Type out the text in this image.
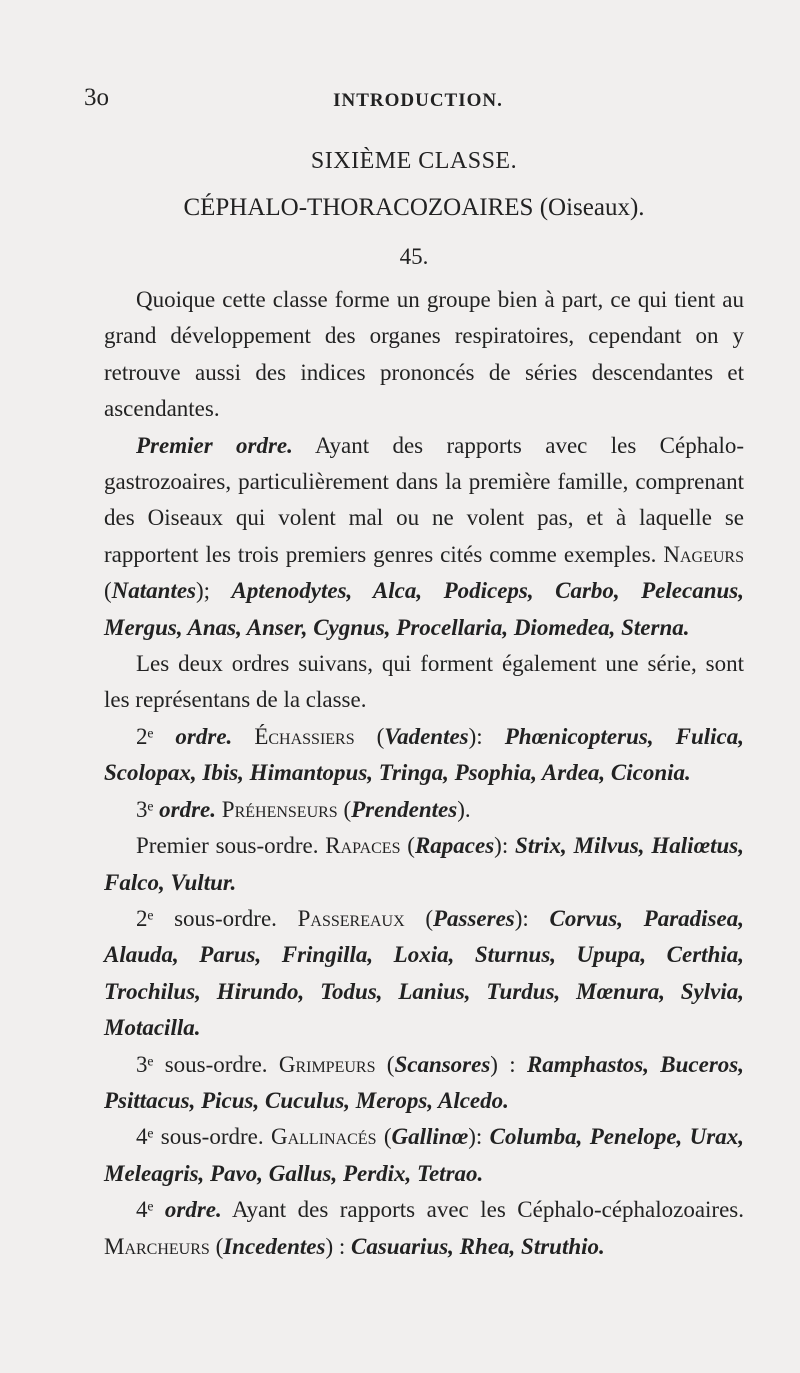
3o	INTRODUCTION.
SIXIÈME CLASSE.
CÉPHALO-THORACOZOAIRES (Oiseaux).
45.

Quoique cette classe forme un groupe bien à part, ce qui tient au grand développement des organes respiratoires, cependant on y retrouve aussi des indices prononcés de séries descendantes et ascendantes.

Premier ordre. Ayant des rapports avec les Céphalo-gastrozoaires, particulièrement dans la première famille, comprenant des Oiseaux qui volent mal ou ne volent pas, et à laquelle se rapportent les trois premiers genres cités comme exemples. Nageurs (Natantes); Aptenodytes, Alca, Podiceps, Carbo, Pelecanus, Mergus, Anas, Anser, Cygnus, Procellaria, Diomedea, Sterna.

Les deux ordres suivans, qui forment également une série, sont les représentans de la classe.

2ᵉ ordre. Échassiers (Vadentes): Phœnicopterus, Fulica, Scolopax, Ibis, Himantopus, Tringa, Psophia, Ardea, Ciconia.

3ᵉ ordre. Préhenseurs (Prendentes).

Premier sous-ordre. Rapaces (Rapaces): Strix, Milvus, Haliœtus, Falco, Vultur.

2ᵉ sous-ordre. Passereaux (Passeres): Corvus, Paradisea, Alauda, Parus, Fringilla, Loxia, Sturnus, Upupa, Certhia, Trochilus, Hirundo, Todus, Lanius, Turdus, Mœnura, Sylvia, Motacilla.

3ᵉ sous-ordre. Grimpeurs (Scansores) : Ramphastos, Buceros, Psittacus, Picus, Cuculus, Merops, Alcedo.

4ᵉ sous-ordre. Gallinacés (Gallinœ): Columba, Penelope, Urax, Meleagris, Pavo, Gallus, Perdix, Tetrao.

4ᵉ ordre. Ayant des rapports avec les Céphalo-céphalozoaires. Marcheurs (Incedentes) : Casuarius, Rhea, Struthio.
